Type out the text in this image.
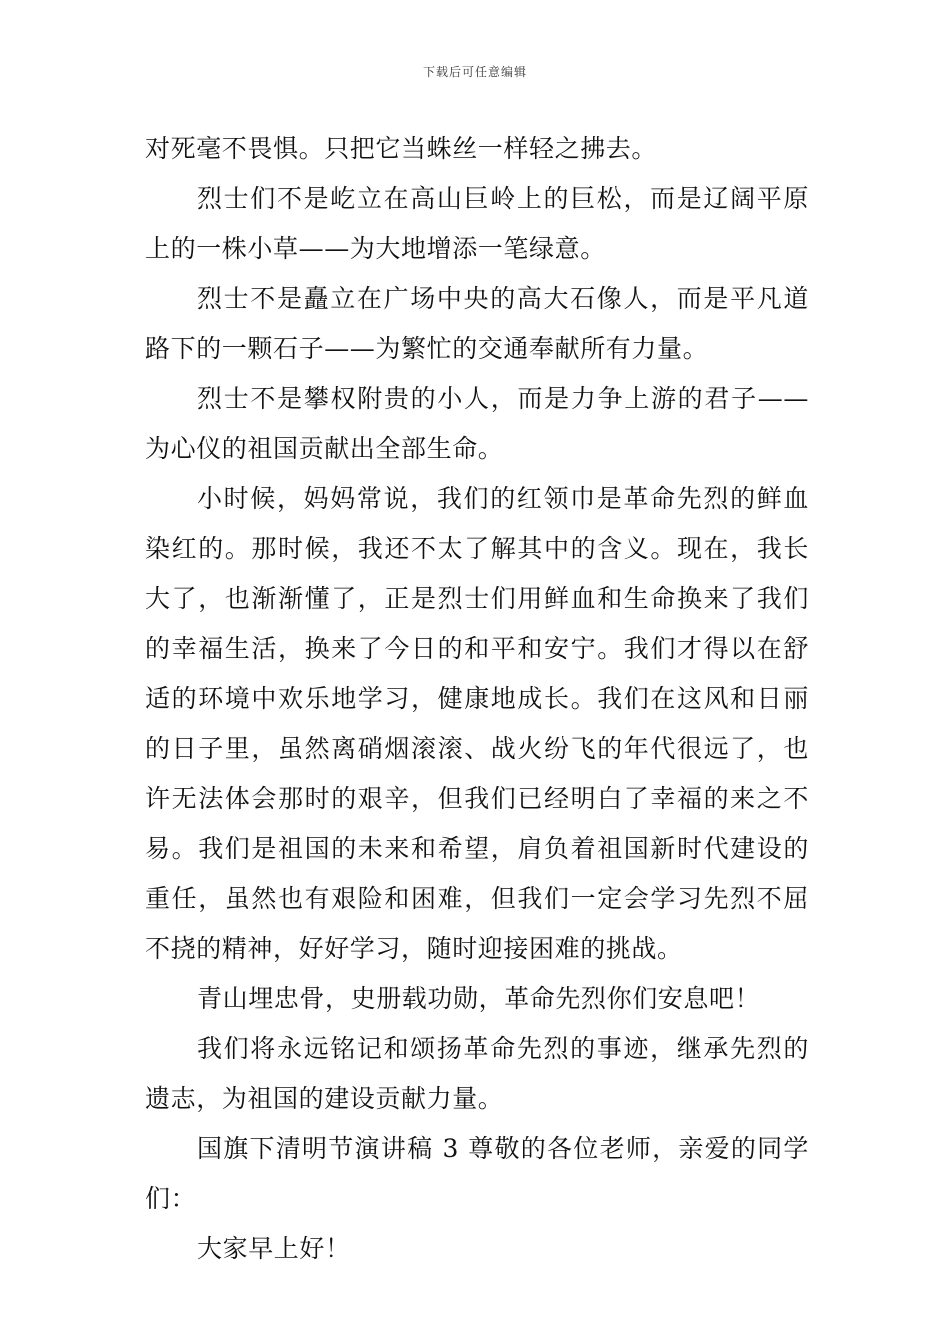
下载后可任意编辑

对死毫不畏惧。只把它当蛛丝一样轻之拂去。

烈士们不是屹立在高山巨岭上的巨松，而是辽阔平原上的一株小草——为大地增添一笔绿意。

烈士不是矗立在广场中央的高大石像人，而是平凡道路下的一颗石子——为繁忙的交通奉献所有力量。

烈士不是攀权附贵的小人，而是力争上游的君子——为心仪的祖国贡献出全部生命。

小时候，妈妈常说，我们的红领巾是革命先烈的鲜血染红的。那时候，我还不太了解其中的含义。现在，我长大了，也渐渐懂了，正是烈士们用鲜血和生命换来了我们的幸福生活，换来了今日的和平和安宁。我们才得以在舒适的环境中欢乐地学习，健康地成长。我们在这风和日丽的日子里，虽然离硝烟滚滚、战火纷飞的年代很远了，也许无法体会那时的艰辛，但我们已经明白了幸福的来之不易。我们是祖国的未来和希望，肩负着祖国新时代建设的重任，虽然也有艰险和困难，但我们一定会学习先烈不屈不挠的精神，好好学习，随时迎接困难的挑战。

青山埋忠骨，史册载功勋，革命先烈你们安息吧！

我们将永远铭记和颂扬革命先烈的事迹，继承先烈的遗志，为祖国的建设贡献力量。

国旗下清明节演讲稿 3 尊敬的各位老师，亲爱的同学们：

大家早上好！
